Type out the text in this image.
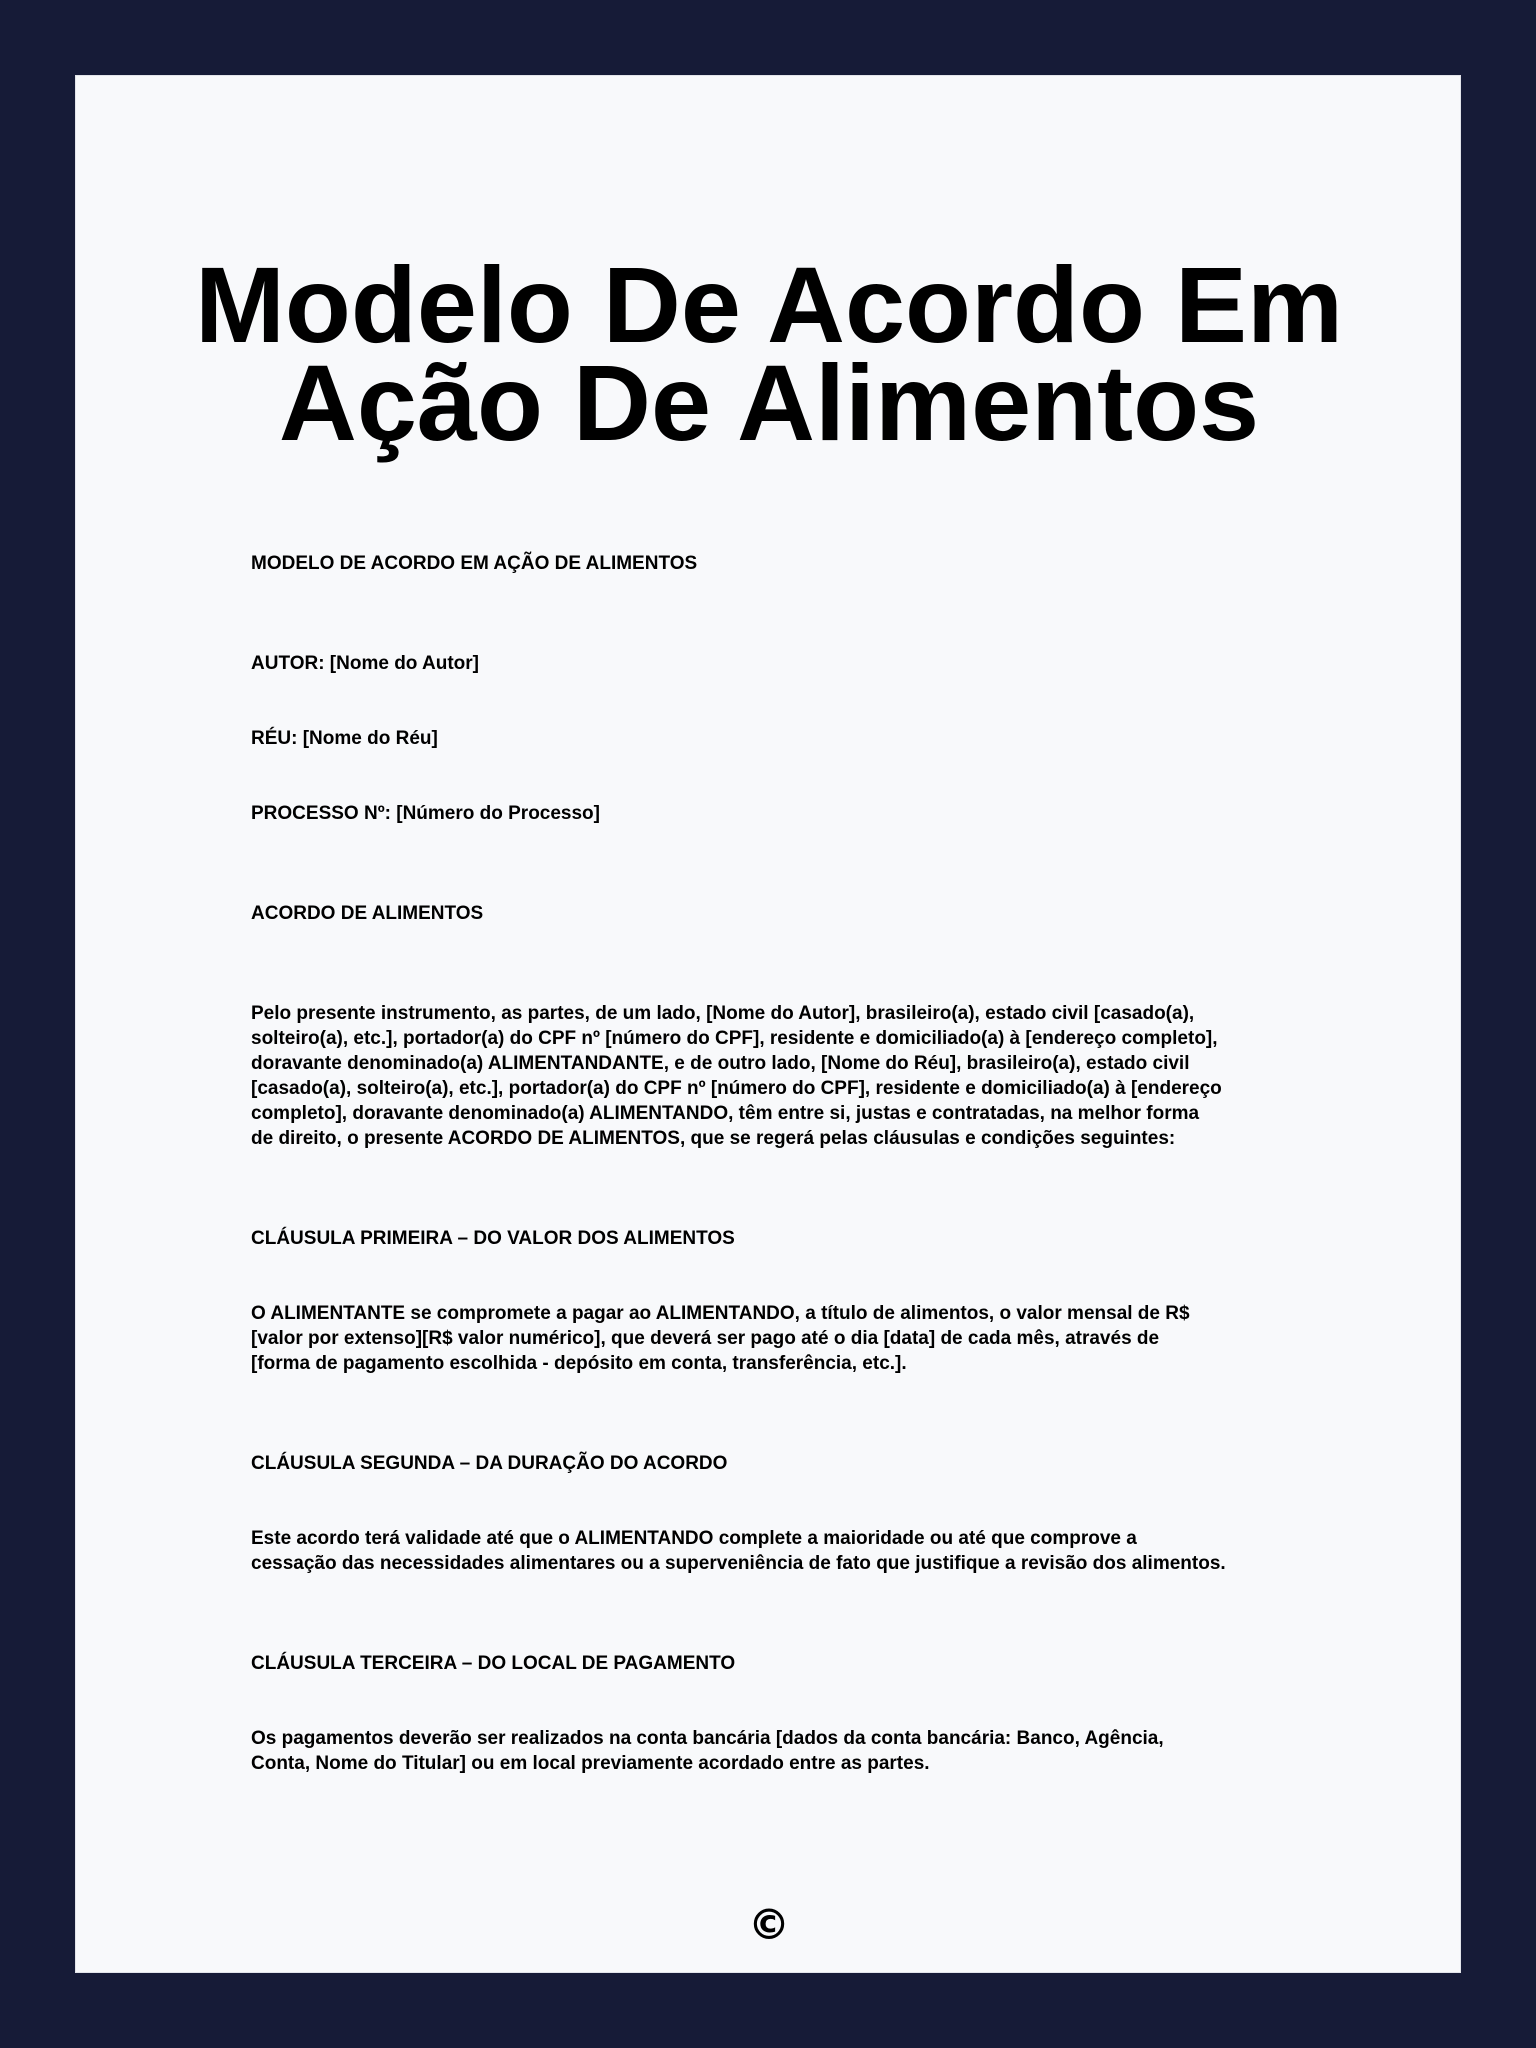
Modelo De Acordo Em Ação De Alimentos

MODELO DE ACORDO EM AÇÃO DE ALIMENTOS

AUTOR: [Nome do Autor]

RÉU: [Nome do Réu]

PROCESSO Nº: [Número do Processo]

ACORDO DE ALIMENTOS

Pelo presente instrumento, as partes, de um lado, [Nome do Autor], brasileiro(a), estado civil [casado(a),
solteiro(a), etc.], portador(a) do CPF nº [número do CPF], residente e domiciliado(a) à [endereço completo],
doravante denominado(a) ALIMENTANDANTE, e de outro lado, [Nome do Réu], brasileiro(a), estado civil
[casado(a), solteiro(a), etc.], portador(a) do CPF nº [número do CPF], residente e domiciliado(a) à [endereço
completo], doravante denominado(a) ALIMENTANDO, têm entre si, justas e contratadas, na melhor forma
de direito, o presente ACORDO DE ALIMENTOS, que se regerá pelas cláusulas e condições seguintes:

CLÁUSULA PRIMEIRA – DO VALOR DOS ALIMENTOS

O ALIMENTANTE se compromete a pagar ao ALIMENTANDO, a título de alimentos, o valor mensal de R$
[valor por extenso][R$ valor numérico], que deverá ser pago até o dia [data] de cada mês, através de
[forma de pagamento escolhida - depósito em conta, transferência, etc.].

CLÁUSULA SEGUNDA – DA DURAÇÃO DO ACORDO

Este acordo terá validade até que o ALIMENTANDO complete a maioridade ou até que comprove a
cessação das necessidades alimentares ou a superveniência de fato que justifique a revisão dos alimentos.

CLÁUSULA TERCEIRA – DO LOCAL DE PAGAMENTO

Os pagamentos deverão ser realizados na conta bancária [dados da conta bancária: Banco, Agência,
Conta, Nome do Titular] ou em local previamente acordado entre as partes.
©
